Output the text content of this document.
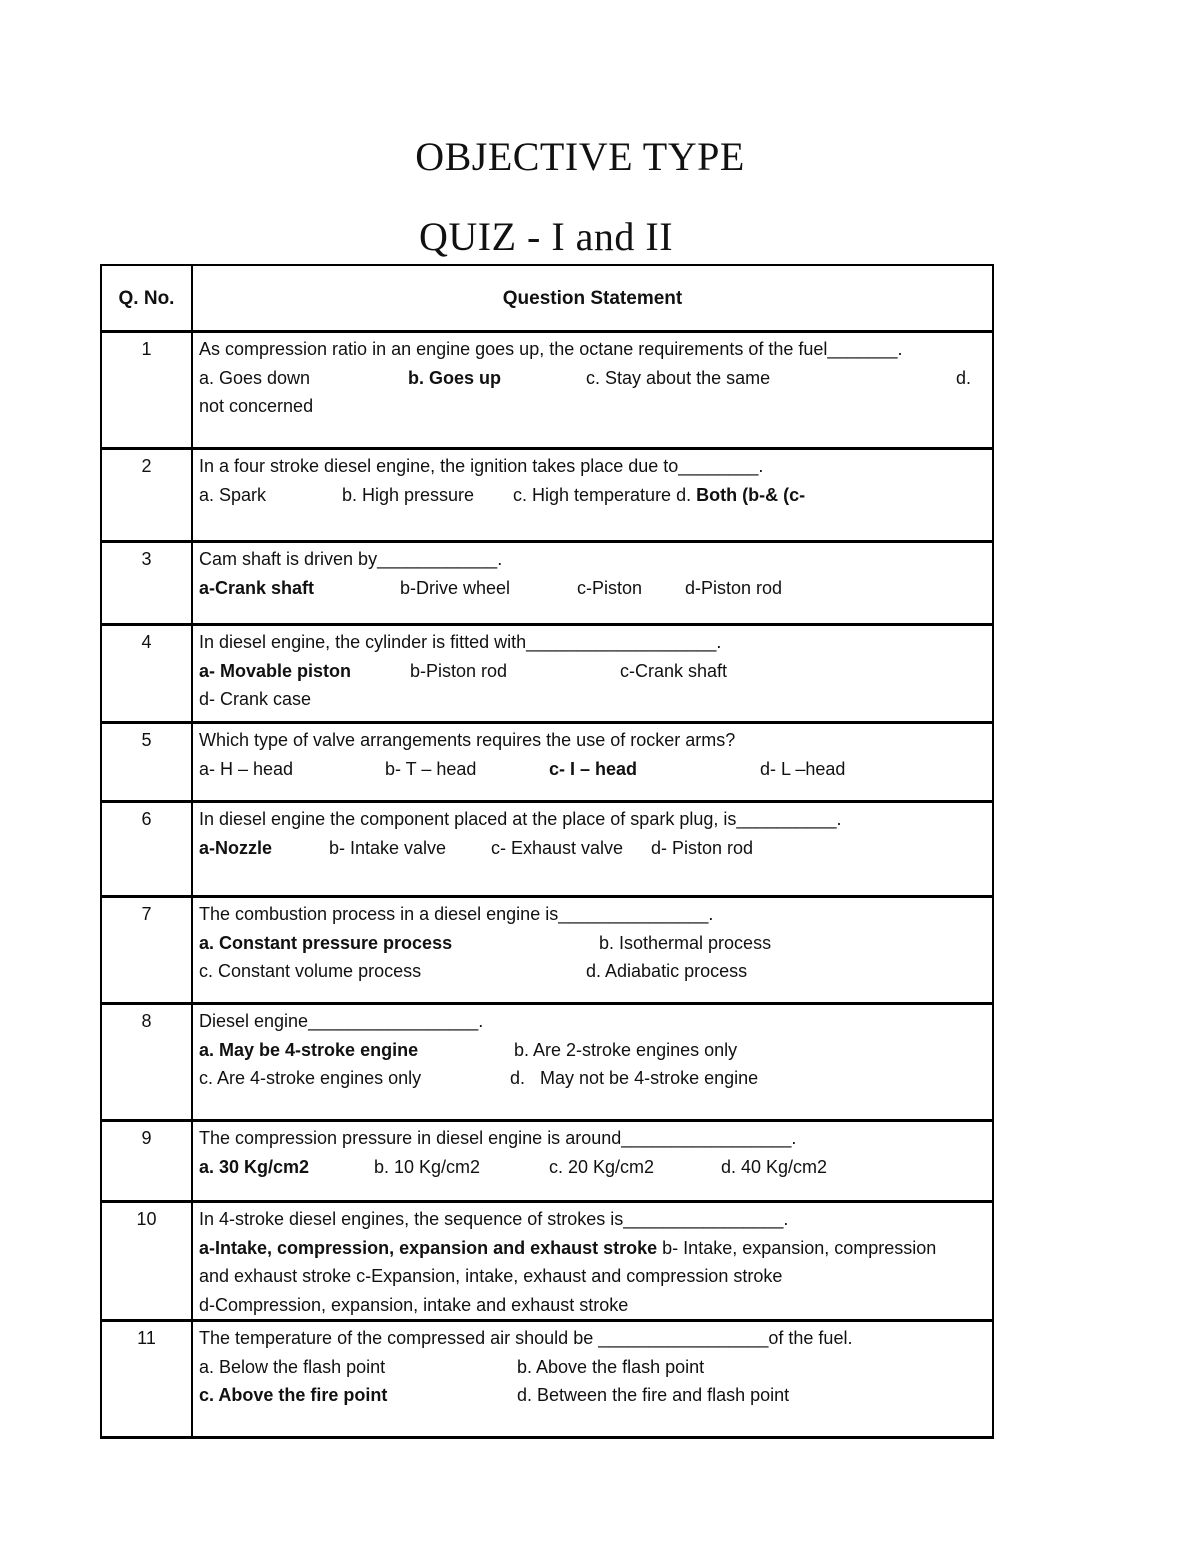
OBJECTIVE TYPE
QUIZ - I and II
Q. No.	Question Statement
1	As compression ratio in an engine goes up, the octane requirements of the fuel_______.
a. Goes down b. Goes up c. Stay about the same d.
not concerned

2	In a four stroke diesel engine, the ignition takes place due to________.
a. Spark b. High pressure c. High temperature d. Both (b-& (c-

3	Cam shaft is driven by____________.
a-Crank shaft b-Drive wheel c-Piston d-Piston rod

4	In diesel engine, the cylinder is fitted with___________________.
a- Movable piston b-Piston rod c-Crank shaft
d- Crank case

5	Which type of valve arrangements requires the use of rocker arms?
a- H – head b- T – head c- I – head d- L –head

6	In diesel engine the component placed at the place of spark plug, is__________.
a-Nozzle b- Intake valve c- Exhaust valve d- Piston rod

7	The combustion process in a diesel engine is_______________.
a. Constant pressure process b. Isothermal process
c. Constant volume process d. Adiabatic process

8	Diesel engine_________________.
a. May be 4-stroke engine b. Are 2-stroke engines only
c. Are 4-stroke engines only d.   May not be 4-stroke engine

9	The compression pressure in diesel engine is around_________________.
a. 30 Kg/cm2 b. 10 Kg/cm2 c. 20 Kg/cm2 d. 40 Kg/cm2

10	In 4-stroke diesel engines, the sequence of strokes is________________.
a-Intake, compression, expansion and exhaust stroke b- Intake, expansion, compression
and exhaust stroke c-Expansion, intake, exhaust and compression stroke
d-Compression, expansion, intake and exhaust stroke

11	The temperature of the compressed air should be _________________of the fuel.
a. Below the flash point b. Above the flash point
c. Above the fire point d. Between the fire and flash point
